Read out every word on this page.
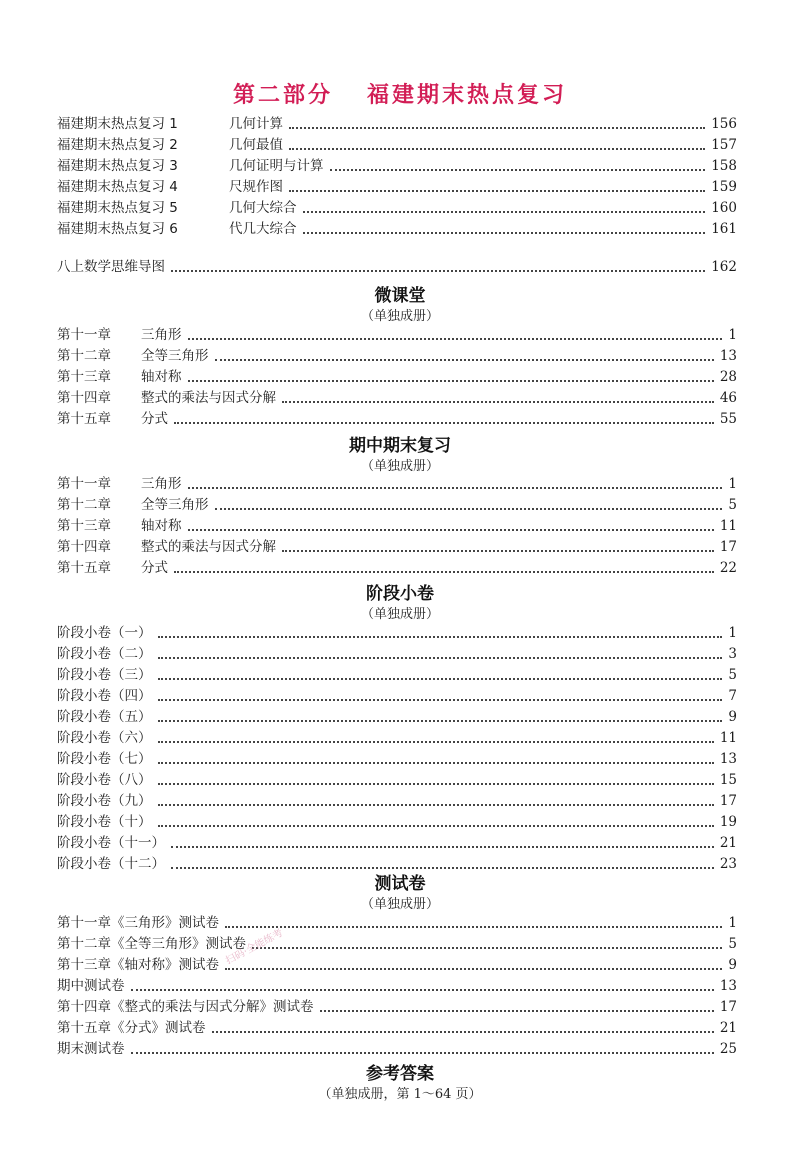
第二部分 福建期末热点复习
福建期末热点复习 1	几何计算	156
福建期末热点复习 2	几何最值	157
福建期末热点复习 3	几何证明与计算	158
福建期末热点复习 4	尺规作图	159
福建期末热点复习 5	几何大综合	160
福建期末热点复习 6	代几大综合	161
八上数学思维导图	162
微课堂
（单独成册）
第十一章 三角形	1
第十二章 全等三角形	13
第十三章 轴对称	28
第十四章 整式的乘法与因式分解	46
第十五章 分式	55
期中期末复习
（单独成册）
第十一章 三角形	1
第十二章 全等三角形	5
第十三章 轴对称	11
第十四章 整式的乘法与因式分解	17
第十五章 分式	22
阶段小卷
（单独成册）
阶段小卷（一）	1
阶段小卷（二）	3
阶段小卷（三）	5
阶段小卷（四）	7
阶段小卷（五）	9
阶段小卷（六）	11
阶段小卷（七）	13
阶段小卷（八）	15
阶段小卷（九）	17
阶段小卷（十）	19
阶段小卷（十一）	21
阶段小卷（十二）	23
测试卷
（单独成册）
第十一章《三角形》测试卷	1
第十二章《全等三角形》测试卷	5
第十三章《轴对称》测试卷	9
期中测试卷	13
第十四章《整式的乘法与因式分解》测试卷	17
第十五章《分式》测试卷	21
期末测试卷	25
参考答案
（单独成册，第 1～64 页）
扫码·全能练考
